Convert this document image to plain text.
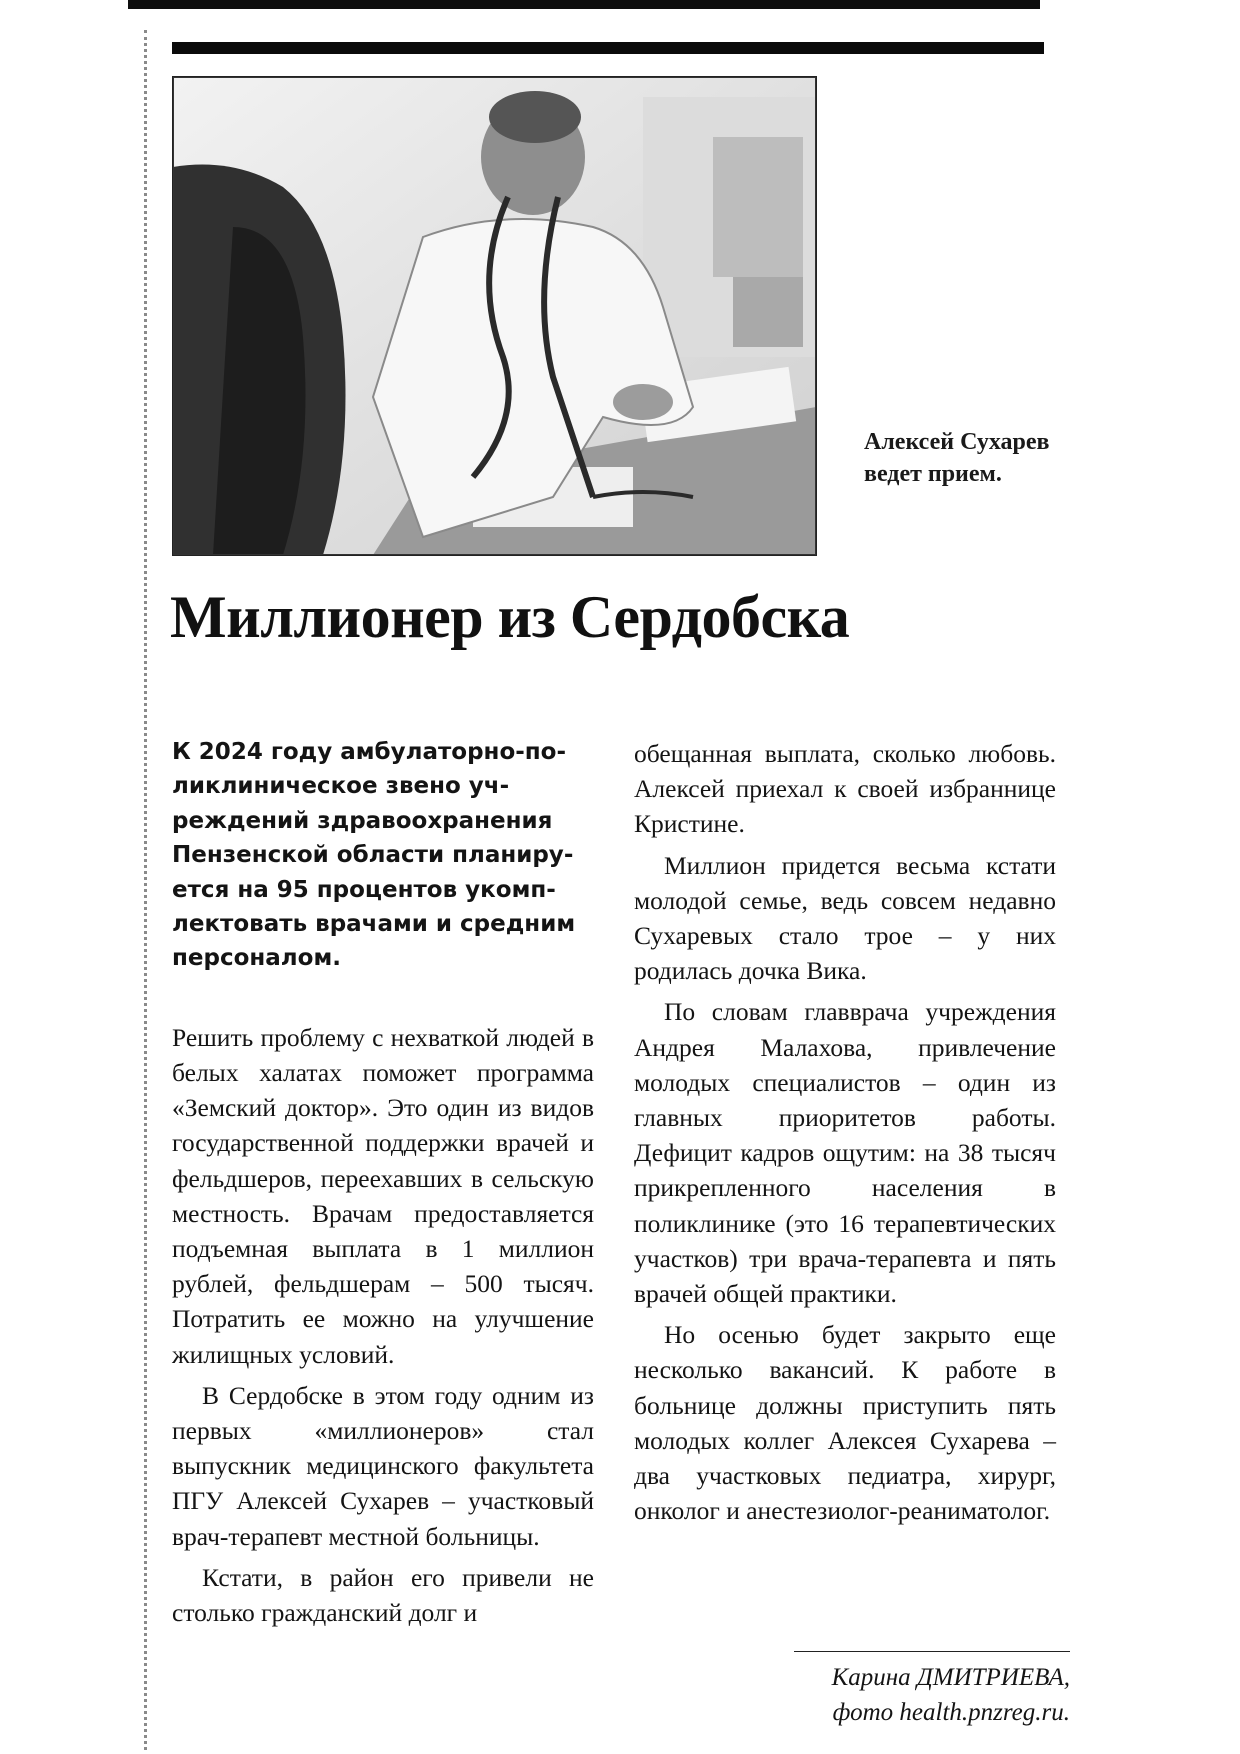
Алексей Сухарев ведет прием.
Миллионер из Сердобска

К 2024 году амбулаторно-поликлиническое звено учреждений здравоохранения Пензенской области планируется на 95 процентов укомплектовать врачами и средним персоналом.

Решить проблему с нехваткой людей в белых халатах поможет программа «Земский доктор». Это один из видов государственной поддержки врачей и фельдшеров, переехавших в сельскую местность. Врачам предоставляется подъемная выплата в 1 миллион рублей, фельдшерам – 500 тысяч. Потратить ее можно на улучшение жилищных условий.

В Сердобске в этом году одним из первых «миллионеров» стал выпускник медицинского факультета ПГУ Алексей Сухарев – участковый врач-терапевт местной больницы.

Кстати, в район его привели не столько гражданский долг и

обещанная выплата, сколько любовь. Алексей приехал к своей избраннице Кристине.

Миллион придется весьма кстати молодой семье, ведь совсем недавно Сухаревых стало трое – у них родилась дочка Вика.

По словам главврача учреждения Андрея Малахова, привлечение молодых специалистов – один из главных приоритетов работы. Дефицит кадров ощутим: на 38 тысяч прикрепленного населения в поликлинике (это 16 терапевтических участков) три врача-терапевта и пять врачей общей практики.

Но осенью будет закрыто еще несколько вакансий. К работе в больнице должны приступить пять молодых коллег Алексея Сухарева – два участковых педиатра, хирург, онколог и анестезиолог-реаниматолог.

Карина ДМИТРИЕВА,
фото health.pnzreg.ru.
